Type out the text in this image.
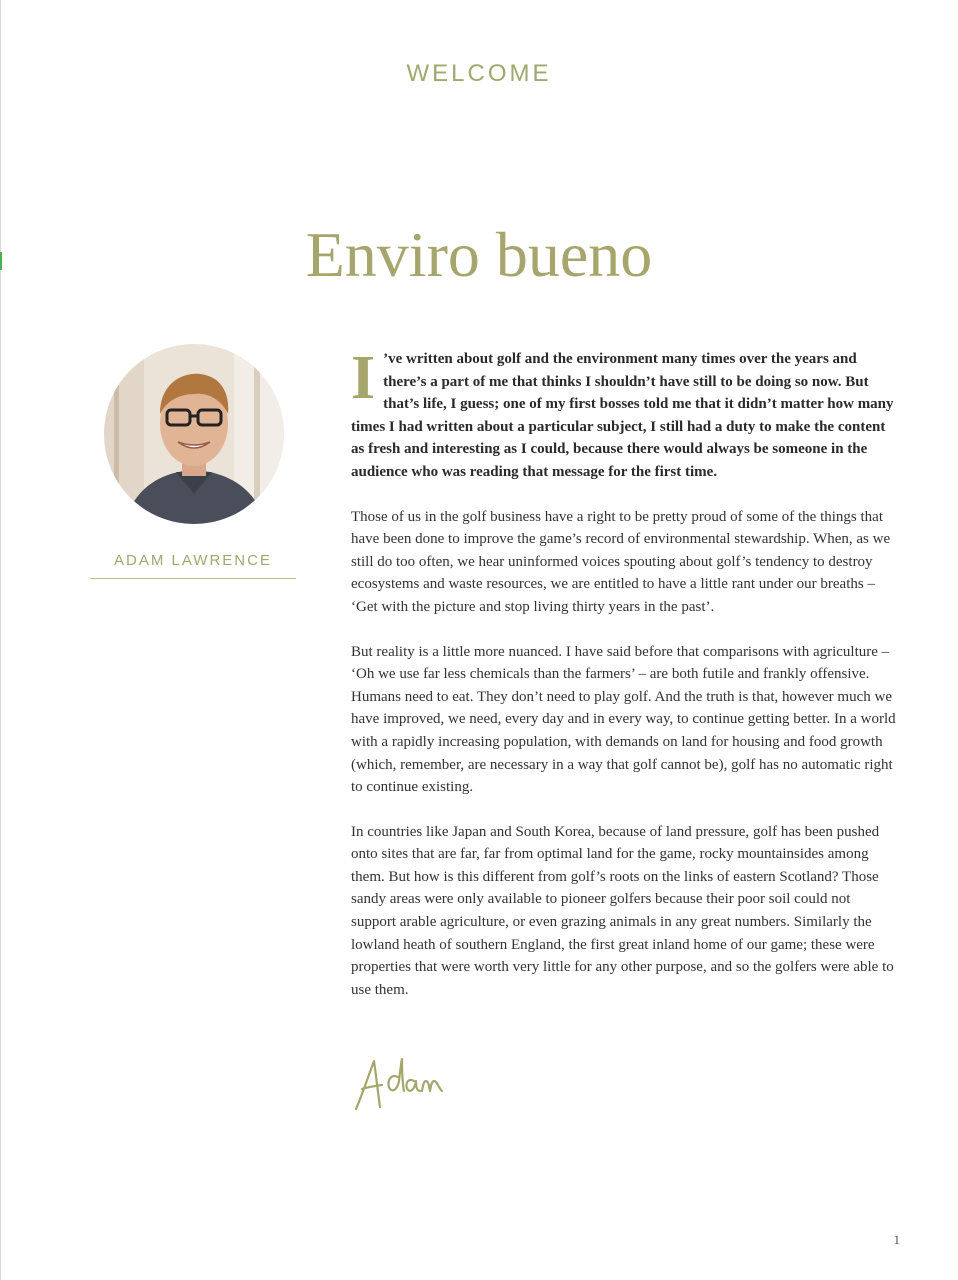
WELCOME
Enviro bueno
ADAM LAWRENCE

I ’ve written about golf and the environment many times over the years and there’s a part of me that thinks I shouldn’t have still to be doing so now. But that’s life, I guess; one of my first bosses told me that it didn’t matter how many times I had written about a particular subject, I still had a duty to make the content as fresh and interesting as I could, because there would always be someone in the audience who was reading that message for the first time.

Those of us in the golf business have a right to be pretty proud of some of the things that have been done to improve the game’s record of environmental stewardship. When, as we still do too often, we hear uninformed voices spouting about golf’s tendency to destroy ecosystems and waste resources, we are entitled to have a little rant under our breaths – ‘Get with the picture and stop living thirty years in the past’.

But reality is a little more nuanced. I have said before that comparisons with agriculture – ‘Oh we use far less chemicals than the farmers’ – are both futile and frankly offensive. Humans need to eat. They don’t need to play golf. And the truth is that, however much we have improved, we need, every day and in every way, to continue getting better. In a world with a rapidly increasing population, with demands on land for housing and food growth (which, remember, are necessary in a way that golf cannot be), golf has no automatic right to continue existing.

In countries like Japan and South Korea, because of land pressure, golf has been pushed onto sites that are far, far from optimal land for the game, rocky mountainsides among them. But how is this different from golf’s roots on the links of eastern Scotland? Those sandy areas were only available to pioneer golfers because their poor soil could not support arable agriculture, or even grazing animals in any great numbers. Similarly the lowland heath of southern England, the first great inland home of our game; these were properties that were worth very little for any other purpose, and so the golfers were able to use them.

1
